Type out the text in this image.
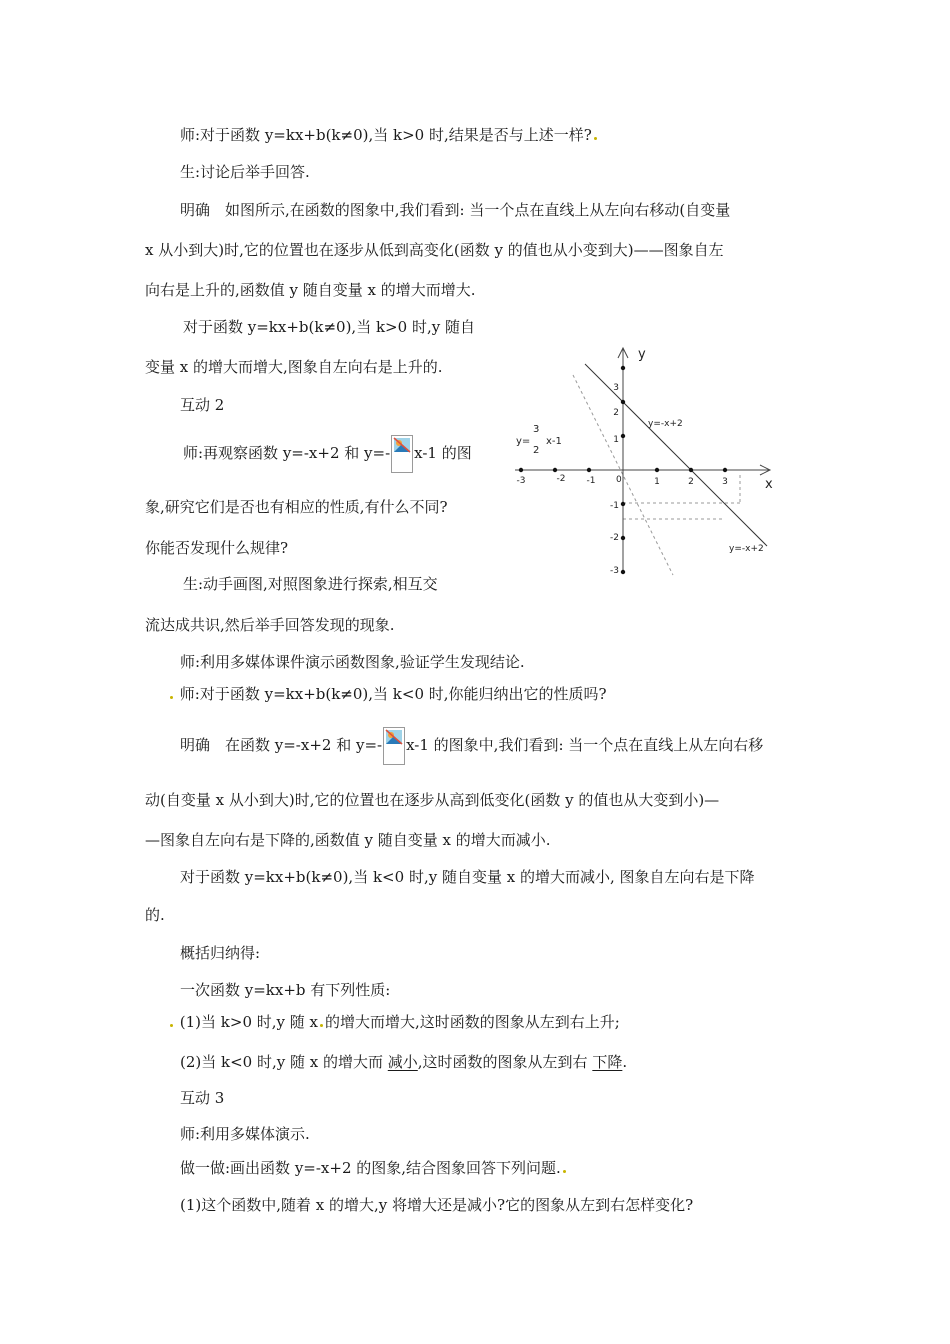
师:对于函数 y=kx+b(k≠0),当 k>0 时,结果是否与上述一样?
生:讨论后举手回答.
明确　如图所示,在函数的图象中,我们看到: 当一个点在直线上从左向右移动(自变量
x 从小到大)时,它的位置也在逐步从低到高变化(函数 y 的值也从小变到大)——图象自左
向右是上升的,函数值 y 随自变量 x 的增大而增大.
对于函数 y=kx+b(k≠0),当 k>0 时,y 随自
变量 x 的增大而增大,图象自左向右是上升的.
互动 2
师:再观察函数 y=-x+2 和 y=- x-1 的图
象,研究它们是否也有相应的性质,有什么不同?
你能否发现什么规律?
生:动手画图,对照图象进行探索,相互交
流达成共识,然后举手回答发现的现象.
师:利用多媒体课件演示函数图象,验证学生发现结论.
师:对于函数 y=kx+b(k≠0),当 k<0 时,你能归纳出它的性质吗?
明确　在函数 y=-x+2 和 y=- x-1 的图象中,我们看到: 当一个点在直线上从左向右移
动(自变量 x 从小到大)时,它的位置也在逐步从高到低变化(函数 y 的值也从大变到小)—
—图象自左向右是下降的,函数值 y 随自变量 x 的增大而减小.
对于函数 y=kx+b(k≠0),当 k<0 时,y 随自变量 x 的增大而减小, 图象自左向右是下降
的.
概括归纳得:
一次函数 y=kx+b 有下列性质:
(1)当 k>0 时,y 随 x 的增大而增大,这时函数的图象从左到右上升;
(2)当 k<0 时,y 随 x 的增大而 减小,这时函数的图象从左到右 下降.
互动 3
师:利用多媒体演示.
做一做:画出函数 y=-x+2 的图象,结合图象回答下列问题.
(1)这个函数中,随着 x 的增大,y 将增大还是减小?它的图象从左到右怎样变化?
y
x
0
-3	-2 -1	1	2	3
3
2
1
-1
-2
-3
y=-x+2
y=-x+2
y=
3
2
x-1
